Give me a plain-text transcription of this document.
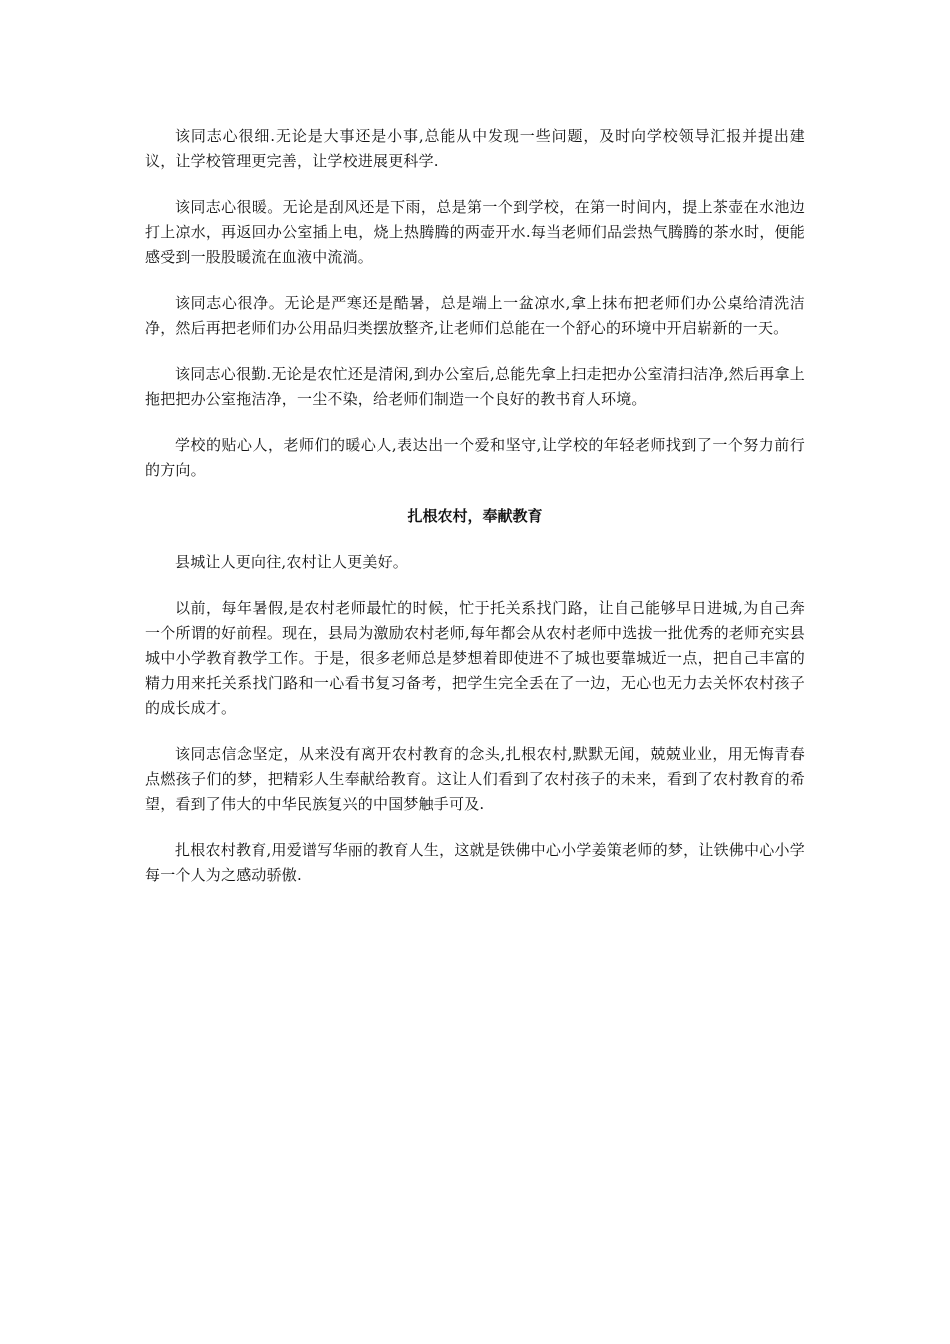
该同志心很细.无论是大事还是小事,总能从中发现一些问题，及时向学校领导汇报并提出建议，让学校管理更完善，让学校进展更科学.

该同志心很暖。无论是刮风还是下雨，总是第一个到学校，在第一时间内，提上茶壶在水池边打上凉水，再返回办公室插上电，烧上热腾腾的两壶开水.每当老师们品尝热气腾腾的茶水时，便能感受到一股股暖流在血液中流淌。

该同志心很净。无论是严寒还是酷暑，总是端上一盆凉水,拿上抹布把老师们办公桌给清洗洁净，然后再把老师们办公用品归类摆放整齐,让老师们总能在一个舒心的环境中开启崭新的一天。

该同志心很勤.无论是农忙还是清闲,到办公室后,总能先拿上扫走把办公室清扫洁净,然后再拿上拖把把办公室拖洁净，一尘不染，给老师们制造一个良好的教书育人环境。

学校的贴心人，老师们的暖心人,表达出一个爱和坚守,让学校的年轻老师找到了一个努力前行的方向。

扎根农村，奉献教育

县城让人更向往,农村让人更美好。

以前，每年暑假,是农村老师最忙的时候，忙于托关系找门路，让自己能够早日进城,为自己奔一个所谓的好前程。现在，县局为激励农村老师,每年都会从农村老师中选拔一批优秀的老师充实县城中小学教育教学工作。于是，很多老师总是梦想着即使进不了城也要靠城近一点，把自己丰富的精力用来托关系找门路和一心看书复习备考，把学生完全丢在了一边，无心也无力去关怀农村孩子的成长成才。

该同志信念坚定，从来没有离开农村教育的念头,扎根农村,默默无闻，兢兢业业，用无悔青春点燃孩子们的梦，把精彩人生奉献给教育。这让人们看到了农村孩子的未来，看到了农村教育的希望，看到了伟大的中华民族复兴的中国梦触手可及.

扎根农村教育,用爱谱写华丽的教育人生，这就是铁佛中心小学姜策老师的梦，让铁佛中心小学每一个人为之感动骄傲.
